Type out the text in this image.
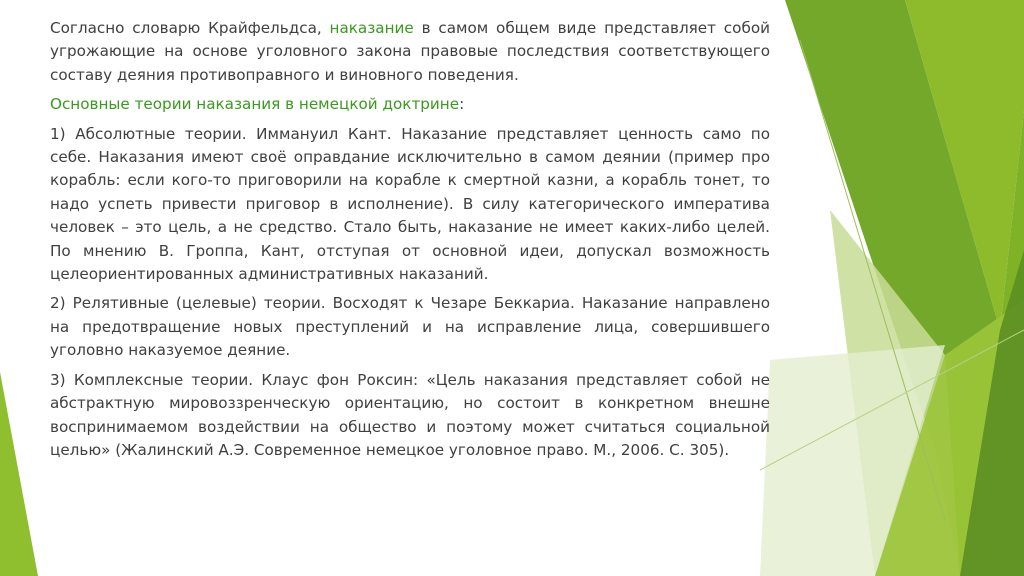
Согласно словарю Крайфельдса, наказание в самом общем виде представляет собой угрожающие на основе уголовного закона правовые последствия соответствующего составу деяния противоправного и виновного поведения.

Основные теории наказания в немецкой доктрине:

1) Абсолютные теории. Иммануил Кант. Наказание представляет ценность само по себе. Наказания имеют своё оправдание исключительно в самом деянии (пример про корабль: если кого-то приговорили на корабле к смертной казни, а корабль тонет, то надо успеть привести приговор в исполнение). В силу категорического императива человек – это цель, а не средство. Стало быть, наказание не имеет каких-либо целей. По мнению В. Гроппа, Кант, отступая от основной идеи, допускал возможность целеориентированных административных наказаний.

2) Релятивные (целевые) теории. Восходят к Чезаре Беккариа. Наказание направлено на предотвращение новых преступлений и на исправление лица, совершившего уголовно наказуемое деяние.

3) Комплексные теории. Клаус фон Роксин: «Цель наказания представляет собой не абстрактную мировоззренческую ориентацию, но состоит в конкретном внешне воспринимаемом воздействии на общество и поэтому может считаться социальной целью» (Жалинский А.Э. Современное немецкое уголовное право. М., 2006. С. 305).
